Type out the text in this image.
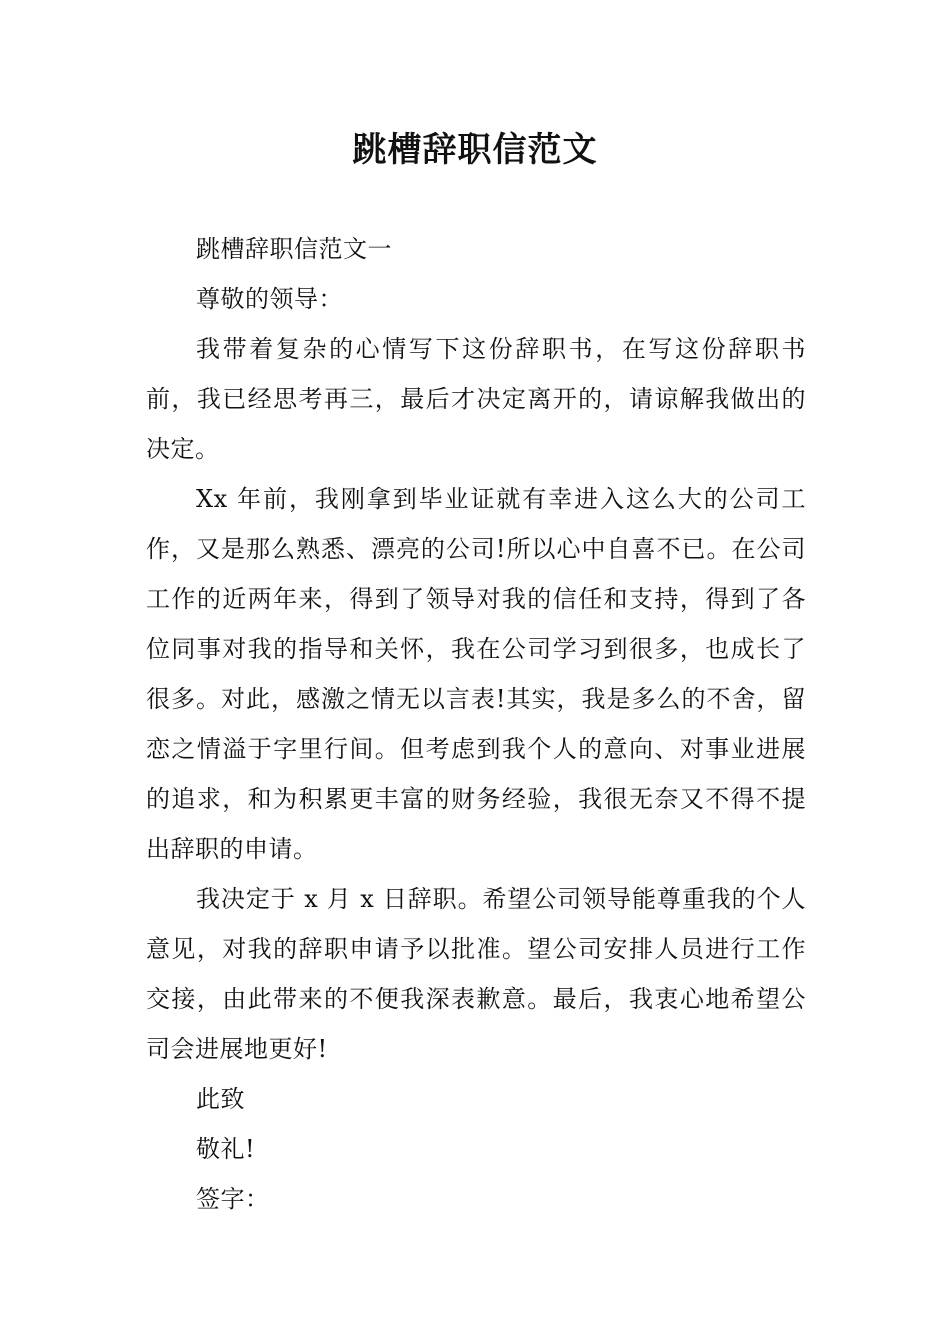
跳槽辞职信范文

跳槽辞职信范文一

尊敬的领导：

我带着复杂的心情写下这份辞职书，在写这份辞职书前，我已经思考再三，最后才决定离开的，请谅解我做出的决定。

Xx 年前，我刚拿到毕业证就有幸进入这么大的公司工作，又是那么熟悉、漂亮的公司!所以心中自喜不已。在公司工作的近两年来，得到了领导对我的信任和支持，得到了各位同事对我的指导和关怀，我在公司学习到很多，也成长了很多。对此，感激之情无以言表!其实，我是多么的不舍，留恋之情溢于字里行间。但考虑到我个人的意向、对事业进展的追求，和为积累更丰富的财务经验，我很无奈又不得不提出辞职的申请。

我决定于 x 月 x 日辞职。希望公司领导能尊重我的个人意见，对我的辞职申请予以批准。望公司安排人员进行工作交接，由此带来的不便我深表歉意。最后，我衷心地希望公司会进展地更好!

此致

敬礼!

签字：
